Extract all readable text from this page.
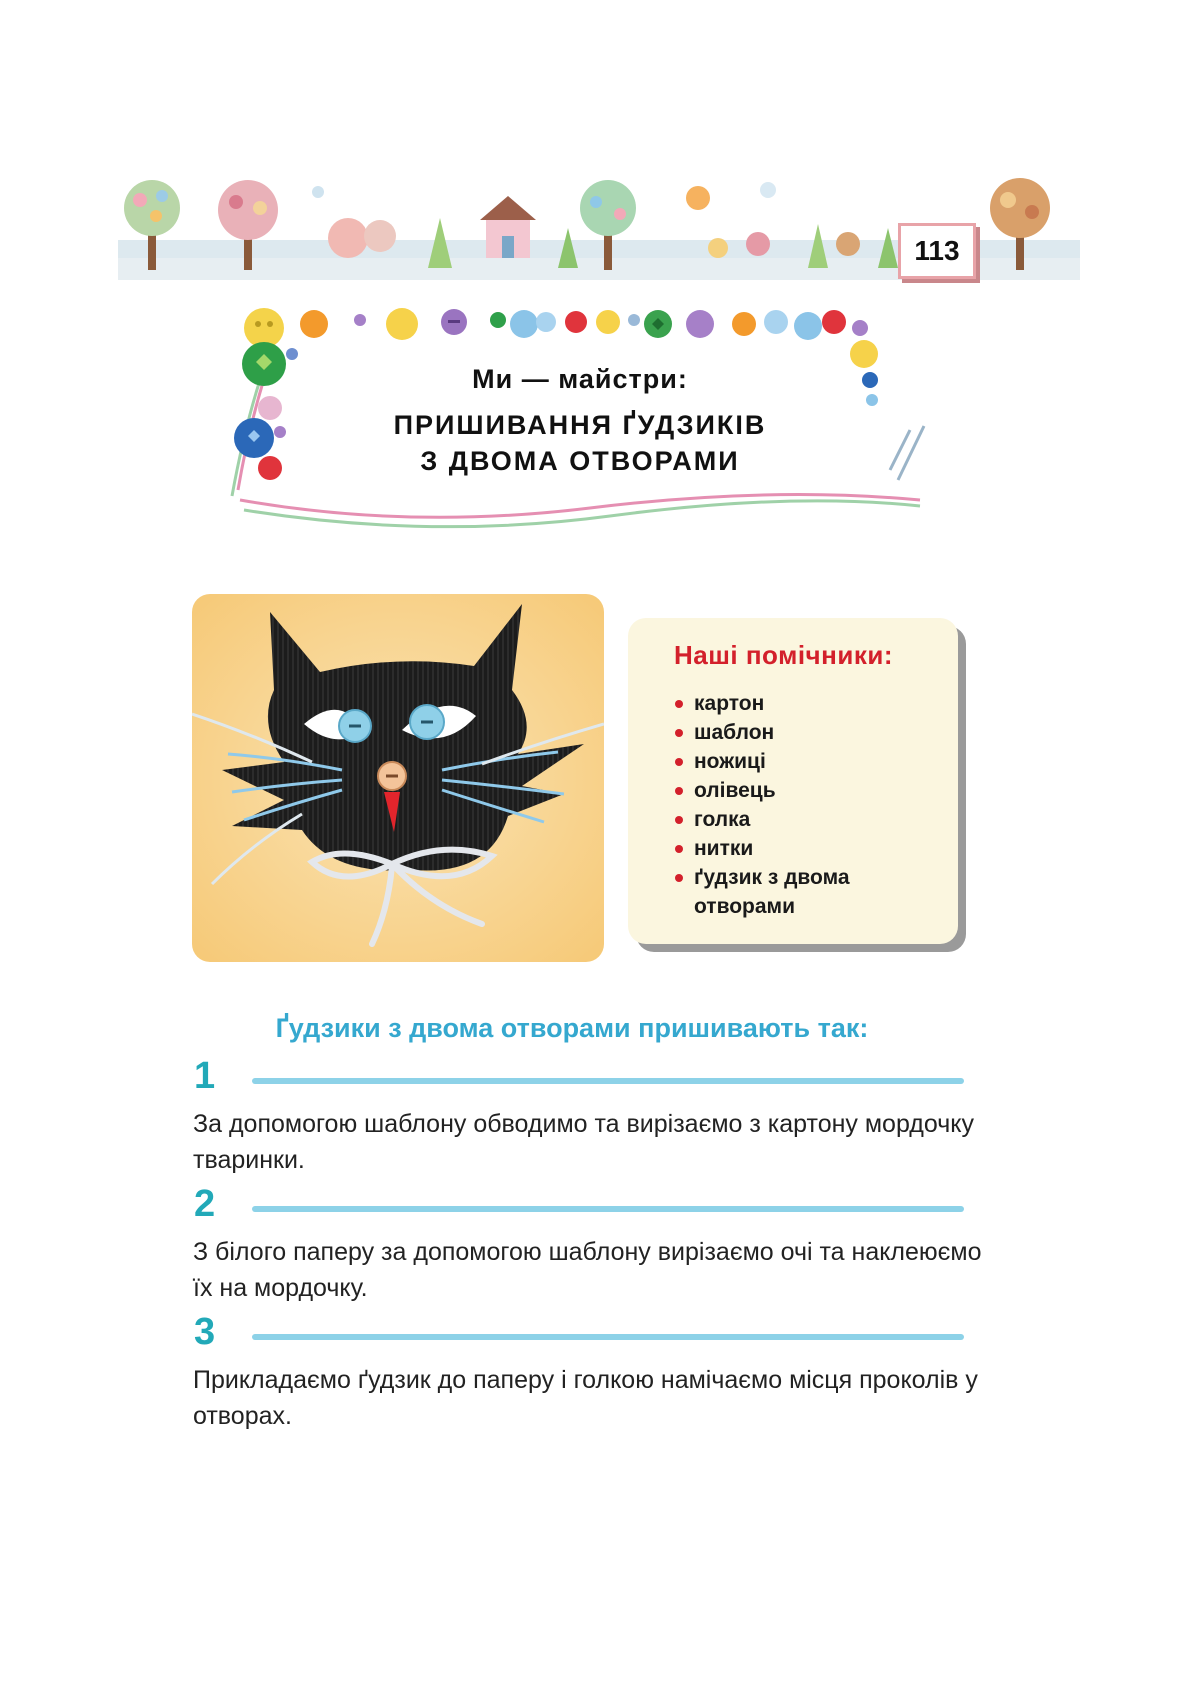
113
Ми — майстри:
ПРИШИВАННЯ ҐУДЗИКІВ
З ДВОМА ОТВОРАМИ
Наші помічники:
картон
шаблон
ножиці
олівець
голка
нитки
ґудзик з двома отворами
Ґудзики з двома отворами пришивають так:
1
За допомогою шаблону обводимо та вирізаємо з картону мордочку тваринки.
2
З білого паперу за допомогою шаблону вирізаємо очі та наклеюємо їх на мордочку.
3
Прикладаємо ґудзик до паперу і голкою намічаємо місця проколів у отворах.
